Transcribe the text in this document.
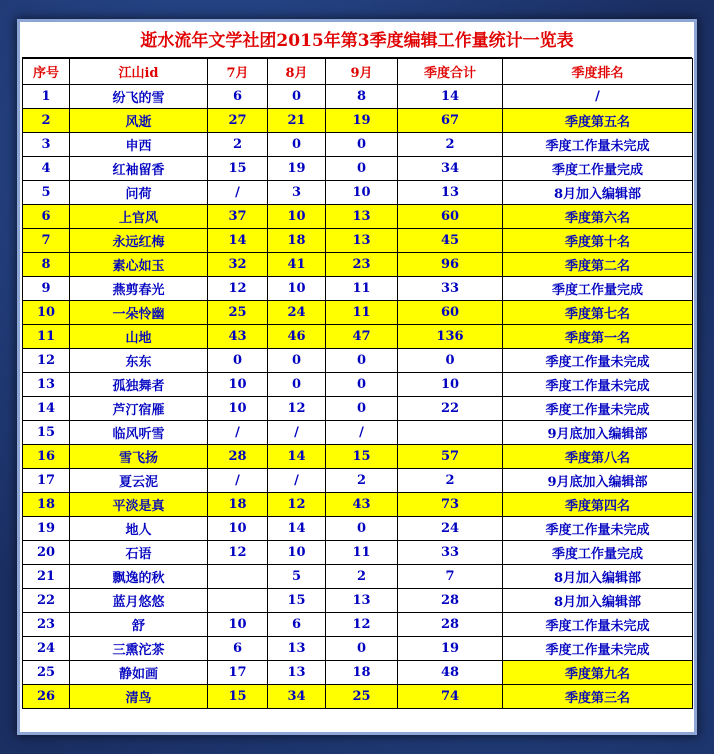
逝水流年文学社团2015年第3季度编辑工作量统计一览表
序号	江山id	7月	8月	9月	季度合计	季度排名
1	纷飞的雪	6	0	8	14	/
2	风逝	27	21	19	67	季度第五名
3	申西	2	0	0	2	季度工作量未完成
4	红袖留香	15	19	0	34	季度工作量完成
5	问荷	/	3	10	13	8月加入编辑部
6	上官风	37	10	13	60	季度第六名
7	永远红梅	14	18	13	45	季度第十名
8	素心如玉	32	41	23	96	季度第二名
9	燕剪春光	12	10	11	33	季度工作量完成
10	一朵怜幽	25	24	11	60	季度第七名
11	山地	43	46	47	136	季度第一名
12	东东	0	0	0	0	季度工作量未完成
13	孤独舞者	10	0	0	10	季度工作量未完成
14	芦汀宿雁	10	12	0	22	季度工作量未完成
15	临风听雪	/	/	/		9月底加入编辑部
16	雪飞扬	28	14	15	57	季度第八名
17	夏云泥	/	/	2	2	9月底加入编辑部
18	平淡是真	18	12	43	73	季度第四名
19	地人	10	14	0	24	季度工作量未完成
20	石语	12	10	11	33	季度工作量完成
21	飘逸的秋		5	2	7	8月加入编辑部
22	蓝月悠悠		15	13	28	8月加入编辑部
23	舒	10	6	12	28	季度工作量未完成
24	三熏沱茶	6	13	0	19	季度工作量未完成
25	静如画	17	13	18	48	季度第九名
26	清鸟	15	34	25	74	季度第三名
